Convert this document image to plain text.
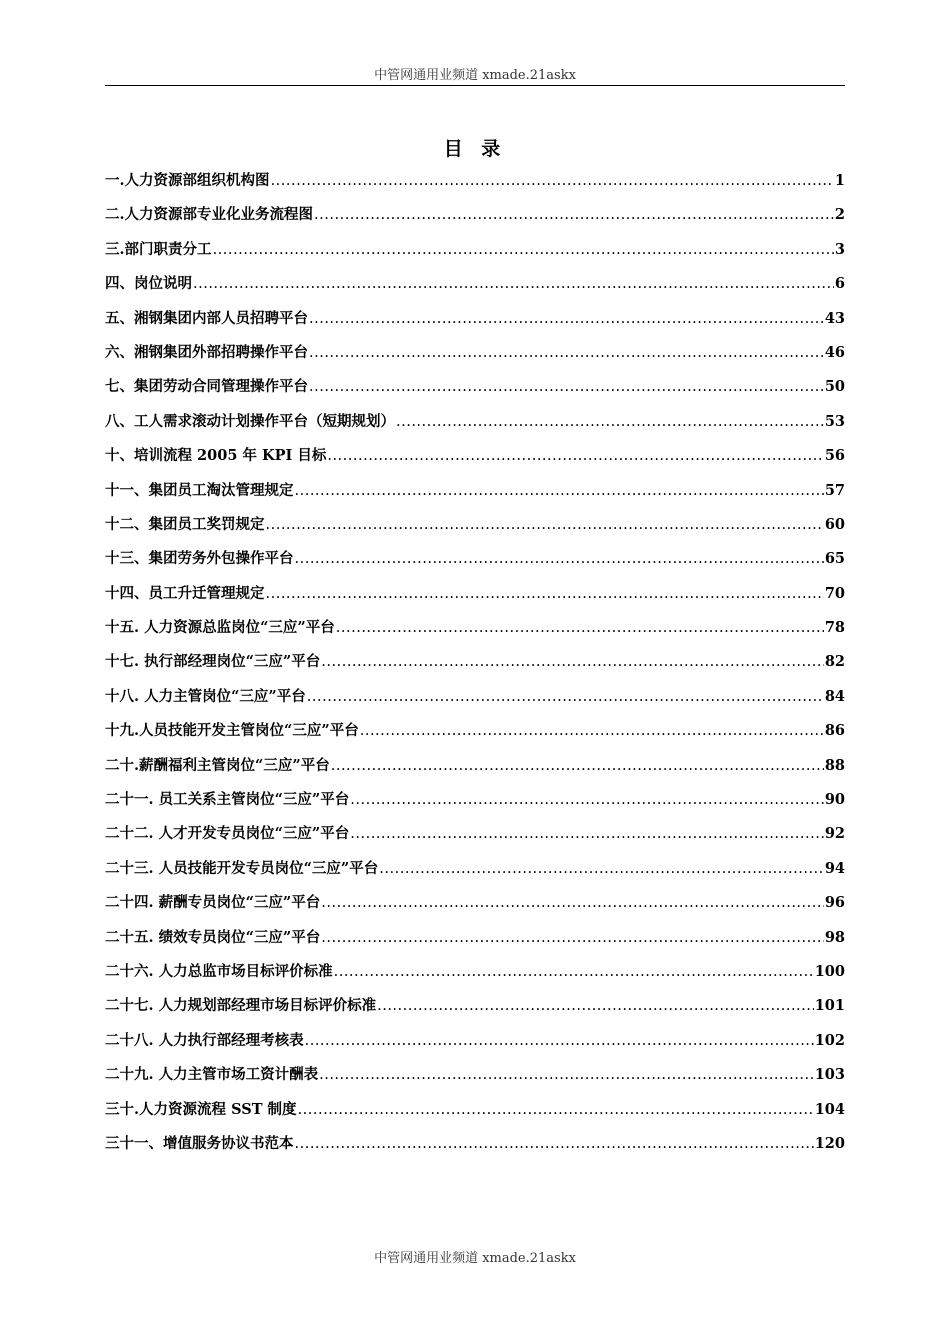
中管网通用业频道 xmade.21askx
目 录
一.人力资源部组织机构图 .....	1
二.人力资源部专业化业务流程图 .....	2
三.部门职责分工 .....	3
四、岗位说明 .....	6
五、湘钢集团内部人员招聘平台 .....	43
六、湘钢集团外部招聘操作平台 .....	46
七、集团劳动合同管理操作平台 .....	50
八、工人需求滚动计划操作平台（短期规划） .....	53
十、培训流程 2005 年 KPI 目标 .....	56
十一、集团员工淘汰管理规定 .....	57
十二、集团员工奖罚规定 .....	60
十三、集团劳务外包操作平台 .....	65
十四、员工升迁管理规定 .....	70
十五. 人力资源总监岗位“三应”平台 .....	78
十七. 执行部经理岗位“三应”平台 .....	82
十八. 人力主管岗位“三应”平台 .....	84
十九.人员技能开发主管岗位“三应”平台 .....	86
二十.薪酬福利主管岗位“三应”平台 .....	88
二十一. 员工关系主管岗位“三应”平台 .....	90
二十二. 人才开发专员岗位“三应”平台 .....	92
二十三. 人员技能开发专员岗位“三应”平台 .....	94
二十四. 薪酬专员岗位“三应”平台 .....	96
二十五. 绩效专员岗位“三应”平台 .....	98
二十六. 人力总监市场目标评价标准 .....	100
二十七. 人力规划部经理市场目标评价标准 .....	101
二十八. 人力执行部经理考核表 .....	102
二十九. 人力主管市场工资计酬表 .....	103
三十.人力资源流程 SST 制度 .....	104
三十一、增值服务协议书范本 .....	120
中管网通用业频道 xmade.21askx
